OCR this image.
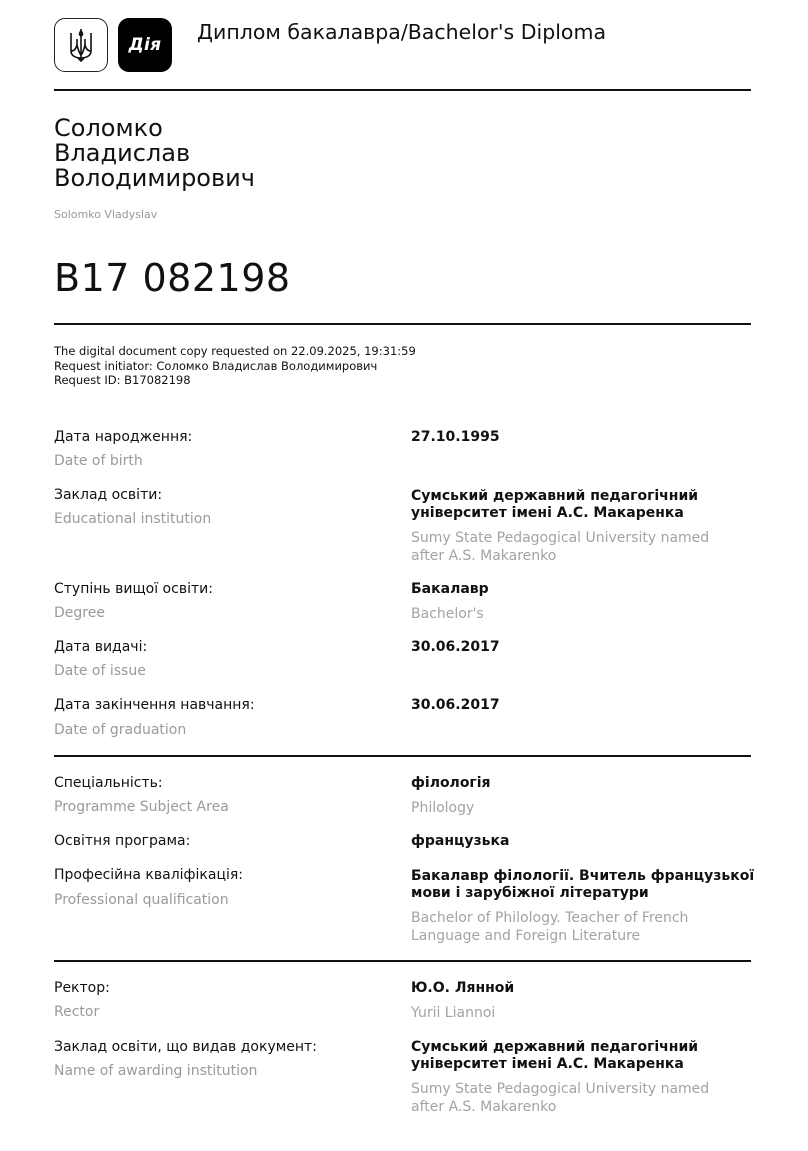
Дія
Диплом бакалавра/Bachelor's Diploma
Соломко
Владислав
Володимирович
Solomko Vladyslav
B17 082198
The digital document copy requested on 22.09.2025, 19:31:59
Request initiator: Соломко Владислав Володимирович
Request ID: B17082198
Дата народження:
Date of birth
27.10.1995
Заклад освіти:
Educational institution
Сумський державний педагогічний
університет імені А.С. Макаренка
Sumy State Pedagogical University named
after A.S. Makarenko
Ступінь вищої освіти:
Degree
Бакалавр
Bachelor's
Дата видачі:
Date of issue
30.06.2017
Дата закінчення навчання:
Date of graduation
30.06.2017
Спеціальність:
Programme Subject Area
філологія
Philology
Освітня програма:	французька
Професійна кваліфікація:
Professional qualification
Бакалавр філології. Вчитель французької
мови і зарубіжної літератури
Bachelor of Philology. Teacher of French
Language and Foreign Literature
Ректор:
Rector
Ю.О. Лянной
Yurii Liannoi
Заклад освіти, що видав документ:
Name of awarding institution
Сумський державний педагогічний
університет імені А.С. Макаренка
Sumy State Pedagogical University named
after A.S. Makarenko
